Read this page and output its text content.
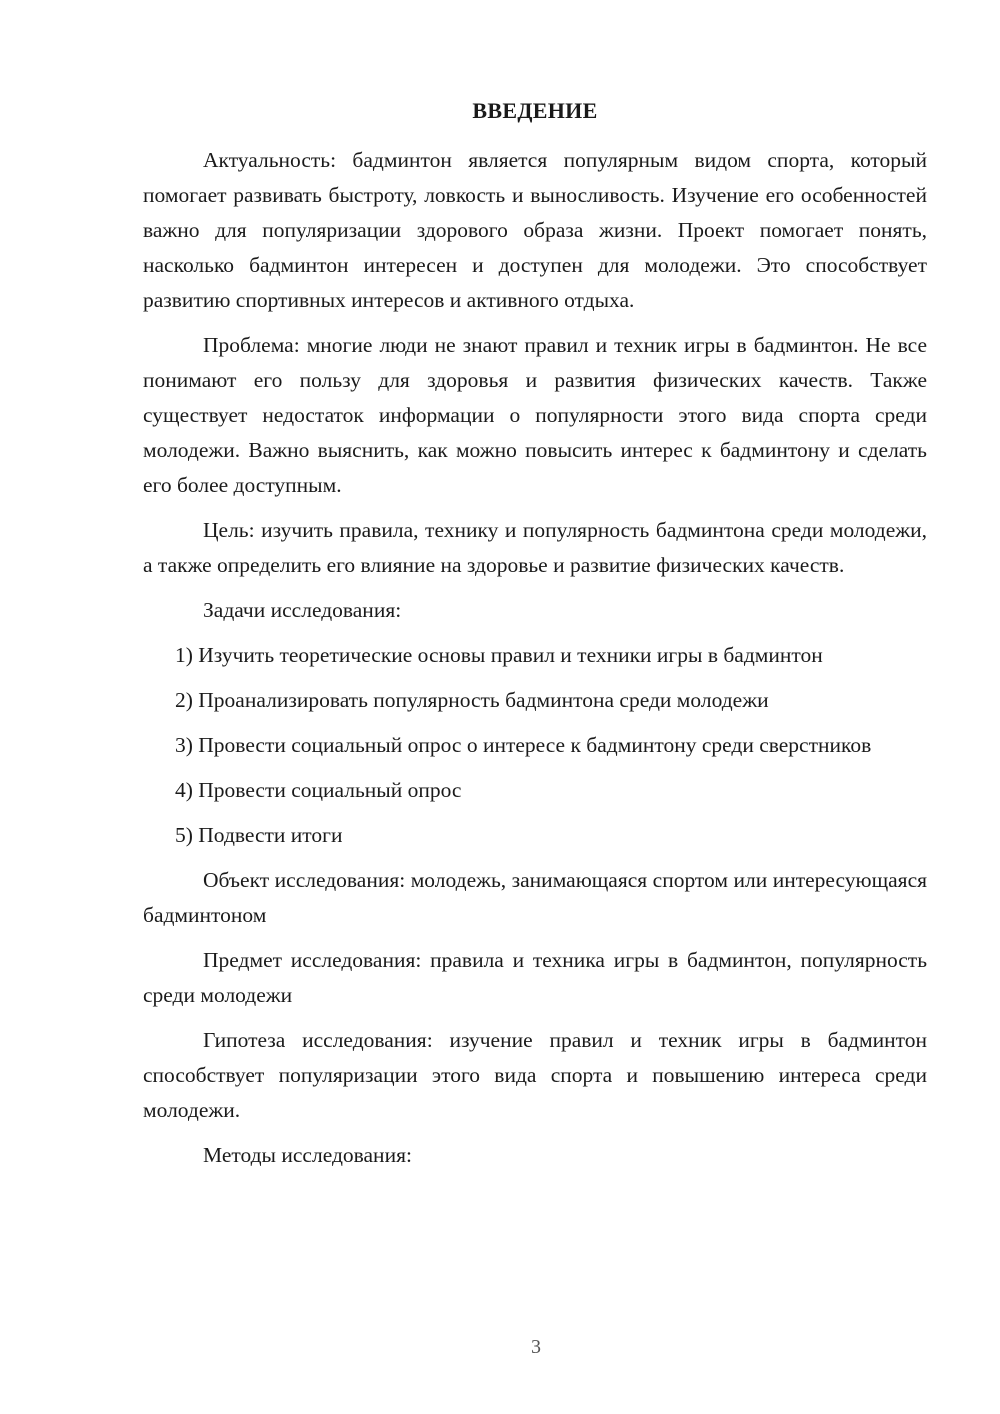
ВВЕДЕНИЕ

Актуальность: бадминтон является популярным видом спорта, который помогает развивать быстроту, ловкость и выносливость. Изучение его особенностей важно для популяризации здорового образа жизни. Проект помогает понять, насколько бадминтон интересен и доступен для молодежи. Это способствует развитию спортивных интересов и активного отдыха.

Проблема: многие люди не знают правил и техник игры в бадминтон. Не все понимают его пользу для здоровья и развития физических качеств. Также существует недостаток информации о популярности этого вида спорта среди молодежи. Важно выяснить, как можно повысить интерес к бадминтону и сделать его более доступным.

Цель: изучить правила, технику и популярность бадминтона среди молодежи, а также определить его влияние на здоровье и развитие физических качеств.

Задачи исследования:

1) Изучить теоретические основы правил и техники игры в бадминтон

2) Проанализировать популярность бадминтона среди молодежи

3) Провести социальный опрос о интересе к бадминтону среди сверстников

4) Провести социальный опрос

5) Подвести итоги

Объект исследования: молодежь, занимающаяся спортом или интересующаяся бадминтоном

Предмет исследования: правила и техника игры в бадминтон, популярность среди молодежи

Гипотеза исследования: изучение правил и техник игры в бадминтон способствует популяризации этого вида спорта и повышению интереса среди молодежи.

Методы исследования:

3
